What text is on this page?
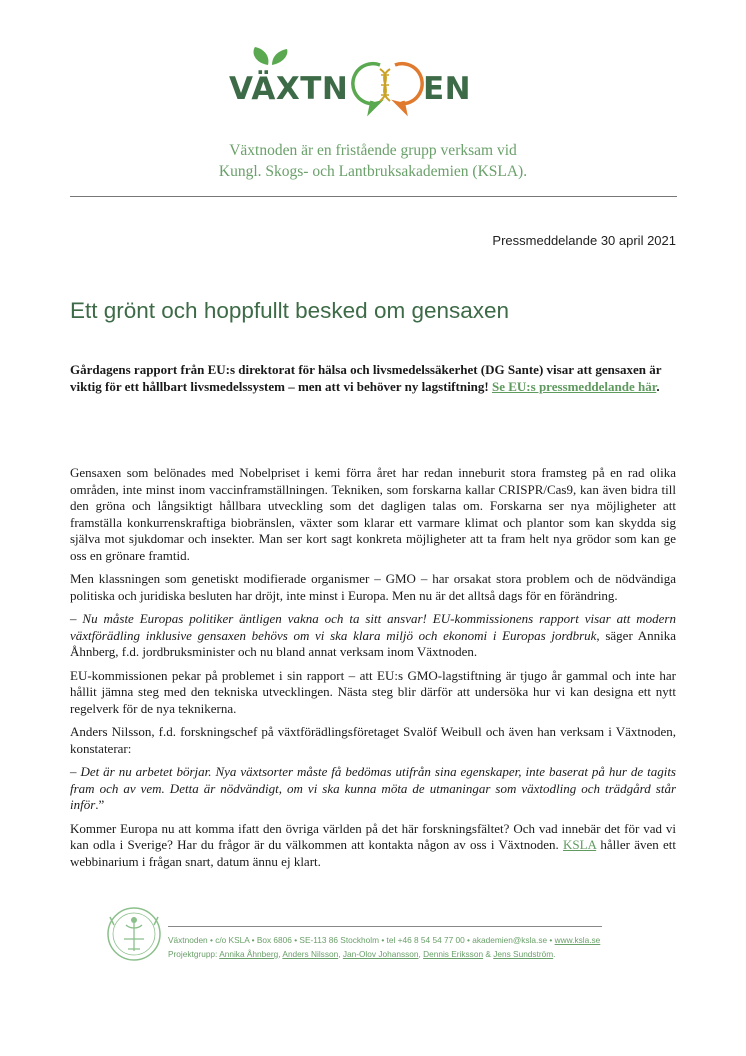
VÄXTN EN
Växtnoden är en fristående grupp verksam vid
Kungl. Skogs- och Lantbruksakademien (KSLA).
Pressmeddelande 30 april 2021
Ett grönt och hoppfullt besked om gensaxen
Gårdagens rapport från EU:s direktorat för hälsa och livsmedelssäkerhet (DG Sante) visar att gensaxen är viktig för ett hållbart livsmedelssystem – men att vi behöver ny lagstiftning! Se EU:s pressmeddelande här.

Gensaxen som belönades med Nobelpriset i kemi förra året har redan inneburit stora framsteg på en rad olika områden, inte minst inom vaccinframställningen. Tekniken, som forskarna kallar CRISPR/Cas9, kan även bidra till den gröna och långsiktigt hållbara utveckling som det dagligen talas om. Forskarna ser nya möjligheter att framställa konkurrenskraftiga biobränslen, växter som klarar ett varmare klimat och plantor som kan skydda sig själva mot sjukdomar och insekter. Man ser kort sagt konkreta möjligheter att ta fram helt nya grödor som kan ge oss en grönare framtid.

Men klassningen som genetiskt modifierade organismer – GMO – har orsakat stora problem och de nödvändiga politiska och juridiska besluten har dröjt, inte minst i Europa. Men nu är det alltså dags för en förändring.

– Nu måste Europas politiker äntligen vakna och ta sitt ansvar! EU-kommissionens rapport visar att modern växtförädling inklusive gensaxen behövs om vi ska klara miljö och ekonomi i Europas jordbruk, säger Annika Åhnberg, f.d. jordbruksminister och nu bland annat verksam inom Växtnoden.

EU-kommissionen pekar på problemet i sin rapport – att EU:s GMO-lagstiftning är tjugo år gammal och inte har hållit jämna steg med den tekniska utvecklingen. Nästa steg blir därför att undersöka hur vi kan designa ett nytt regelverk för de nya teknikerna.

Anders Nilsson, f.d. forskningschef på växtförädlingsföretaget Svalöf Weibull och även han verksam i Växtnoden, konstaterar:

– Det är nu arbetet börjar. Nya växtsorter måste få bedömas utifrån sina egenskaper, inte baserat på hur de tagits fram och av vem. Detta är nödvändigt, om vi ska kunna möta de utmaningar som växtodling och trädgård står inför.”

Kommer Europa nu att komma ifatt den övriga världen på det här forskningsfältet? Och vad innebär det för vad vi kan odla i Sverige? Har du frågor är du välkommen att kontakta någon av oss i Växtnoden. KSLA håller även ett webbinarium i frågan snart, datum ännu ej klart.

Växtnoden • c/o KSLA • Box 6806 • SE-113 86 Stockholm • tel +46 8 54 54 77 00 • akademien@ksla.se • www.ksla.se
Projektgrupp: Annika Åhnberg, Anders Nilsson, Jan-Olov Johansson, Dennis Eriksson & Jens Sundström.
